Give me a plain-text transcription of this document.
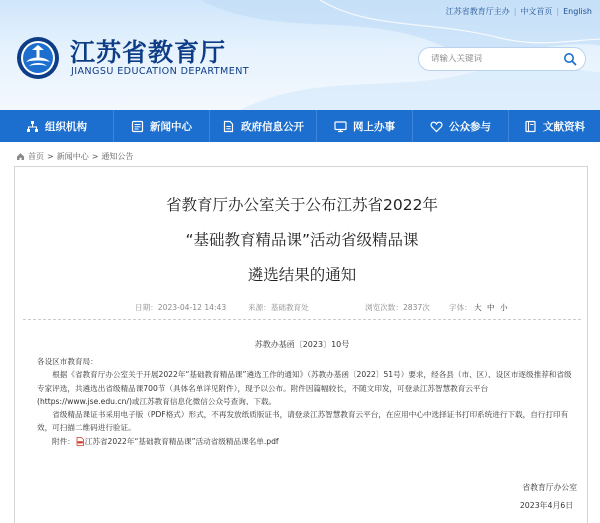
江苏省教育厅主办 | 中文首页 | English
江苏省教育厅
JIANGSU EDUCATION DEPARTMENT
请输入关键词
组织机构	新闻中心	政府信息公开	网上办事	公众参与	文献资料
首页 > 新闻中心 > 通知公告
省教育厅办公室关于公布江苏省2022年
“基础教育精品课”活动省级精品课
遴选结果的通知
日期：2023-04-12 14:43	来源：基础教育处	浏览次数：2837次	字体： 大 中 小
苏教办基函〔2023〕10号

各设区市教育局：

根据《省教育厅办公室关于开展2022年“基础教育精品课”遴选工作的通知》（苏教办基函〔2022〕51号）要求，经各县（市、区）、设区市逐级推荐和省级专家评选，共遴选出省级精品课700节（具体名单详见附件），现予以公布。附件因篇幅较长，不随文印发，可登录江苏智慧教育云平台(https://www.jse.edu.cn/)或江苏教育信息化微信公众号查询、下载。

省级精品课证书采用电子版（PDF格式）形式，不再发放纸质版证书，请登录江苏智慧教育云平台，在应用中心中选择证书打印系统进行下载，自行打印有效，可扫描二维码进行验证。

附件： 江苏省2022年“基础教育精品课”活动省级精品课名单.pdf

省教育厅办公室
2023年4月6日
